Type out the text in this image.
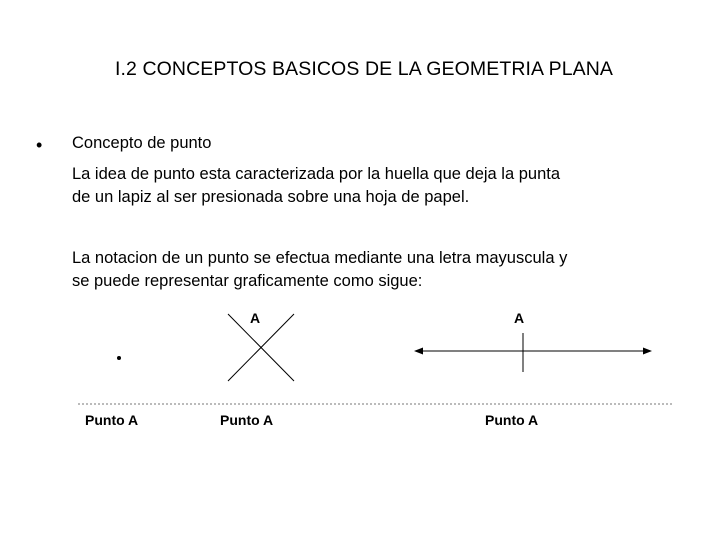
I.2 CONCEPTOS BASICOS DE LA GEOMETRIA PLANA
• Concepto de punto
La idea de punto esta caracterizada por la huella que deja la punta
de un lapiz al ser presionada sobre una hoja de papel.
La notacion de un punto se efectua mediante una letra mayuscula y
se puede representar graficamente como sigue:
A	A
Punto A	Punto A	Punto A
